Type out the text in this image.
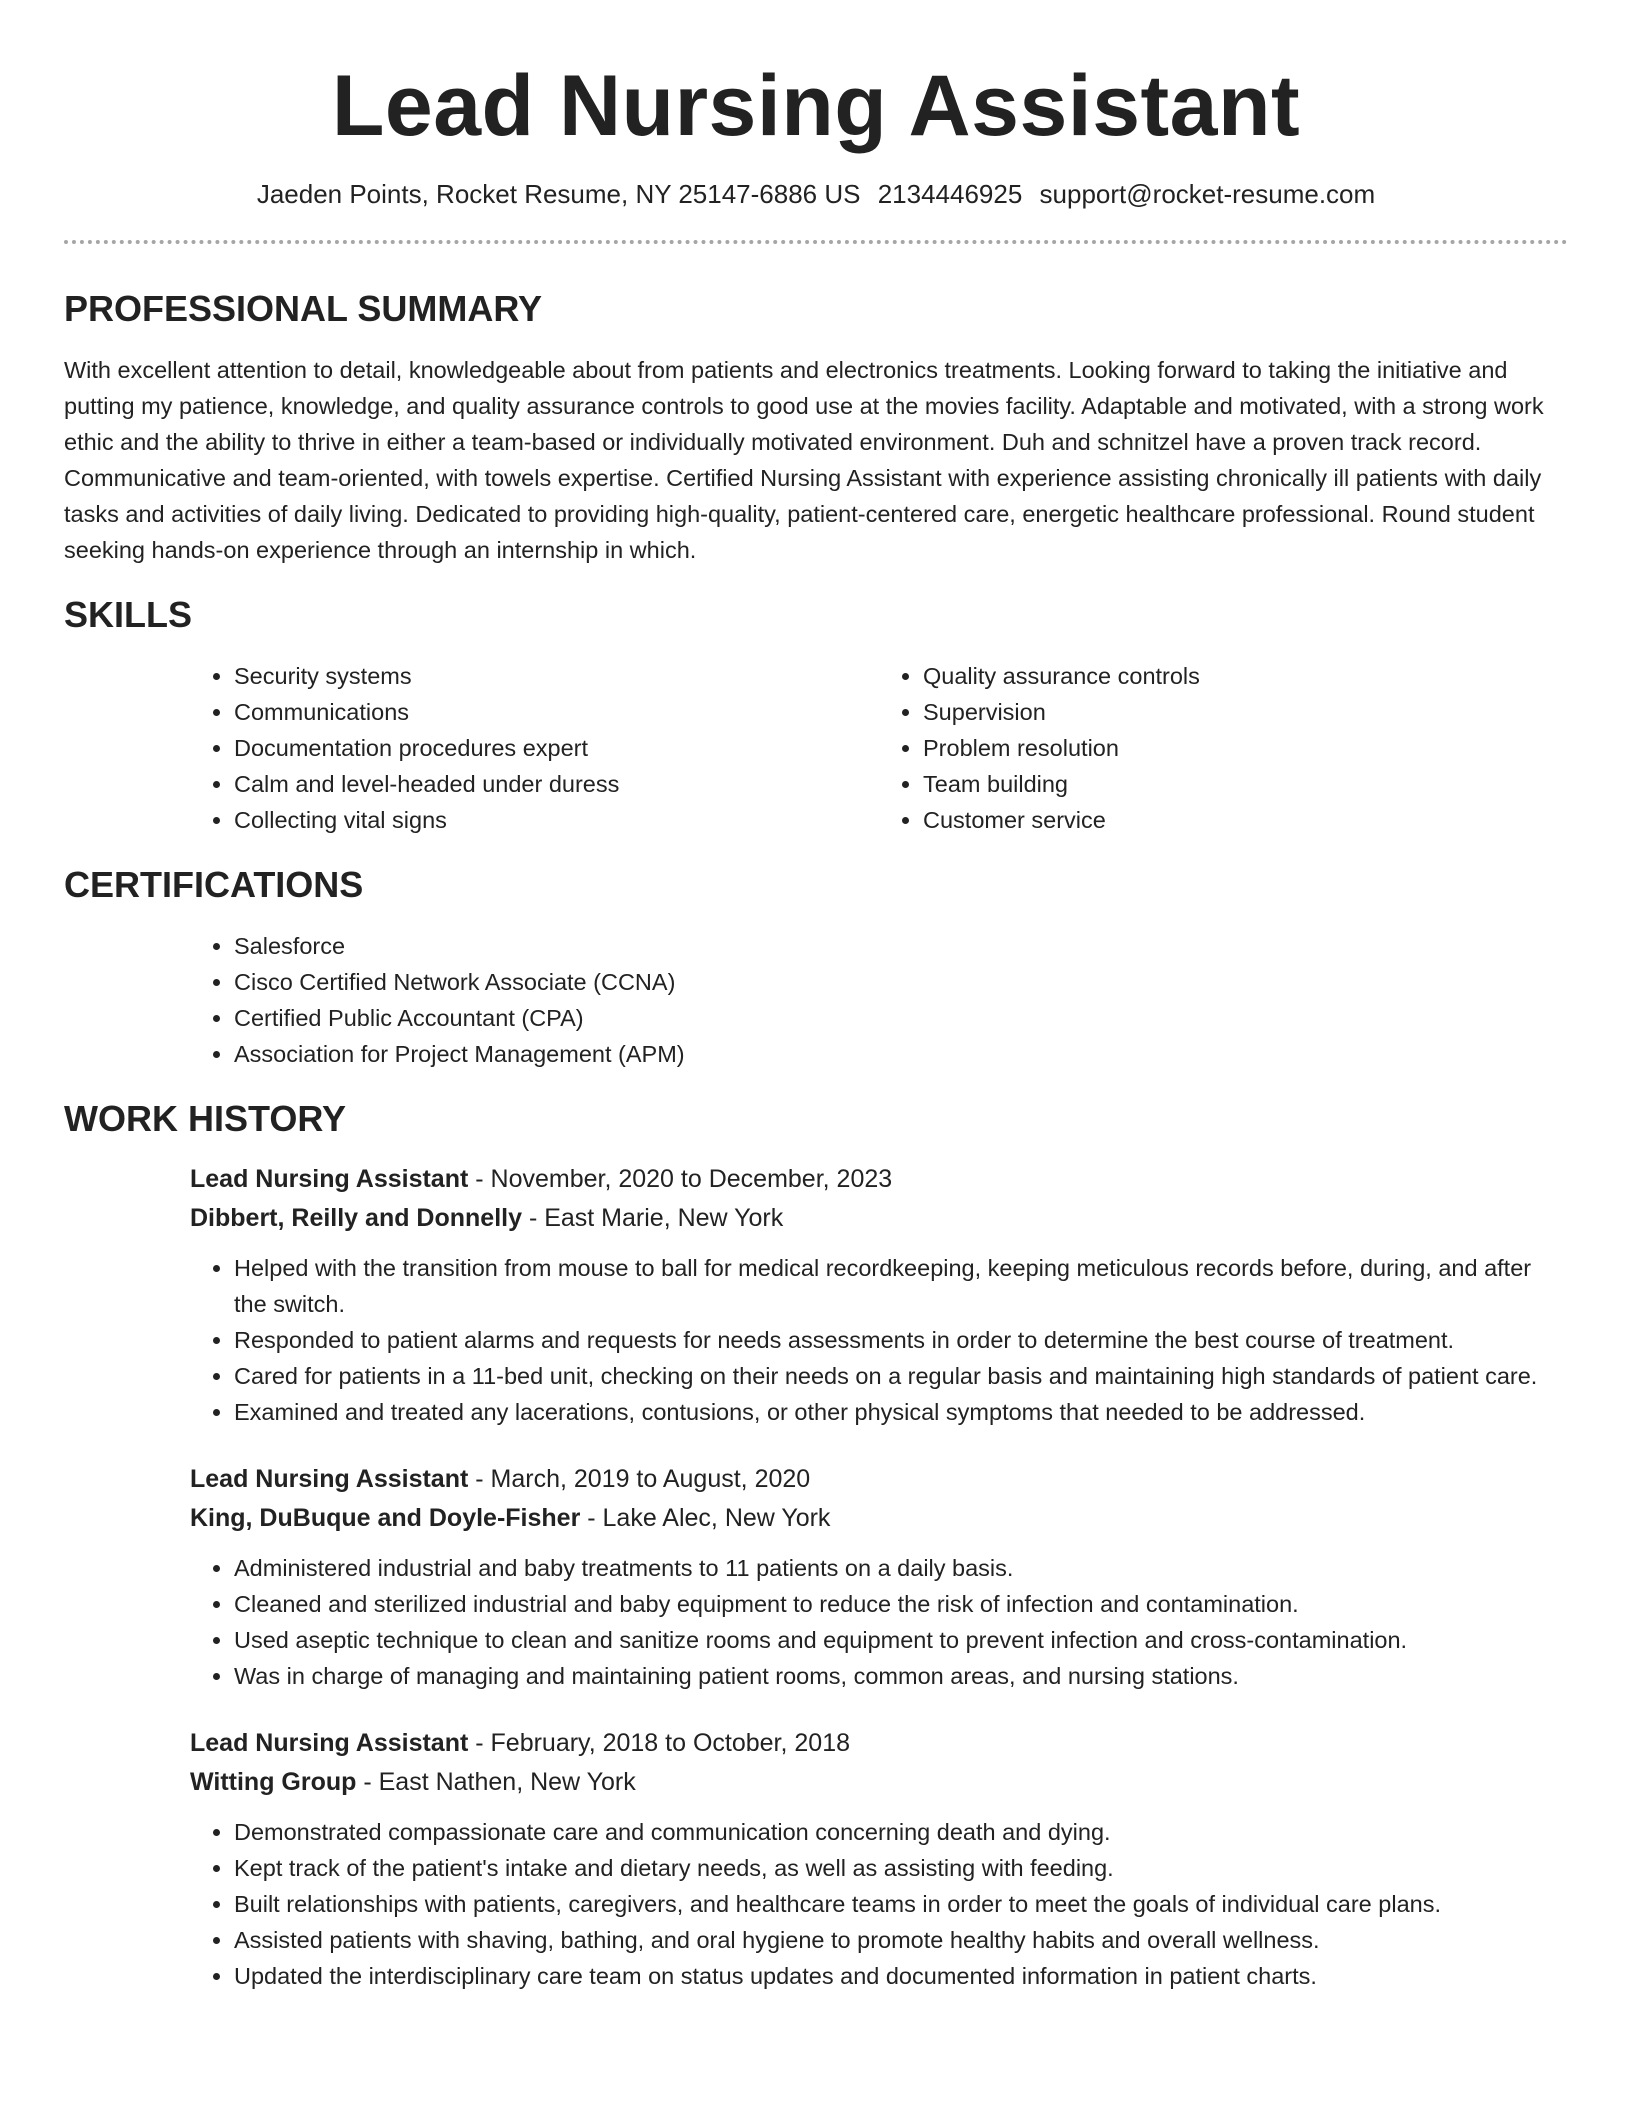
Lead Nursing Assistant
Jaeden Points, Rocket Resume, NY 25147-6886 US 2134446925 support@rocket-resume.com
PROFESSIONAL SUMMARY

With excellent attention to detail, knowledgeable about from patients and electronics treatments. Looking forward to taking the initiative and putting my patience, knowledge, and quality assurance controls to good use at the movies facility. Adaptable and motivated, with a strong work ethic and the ability to thrive in either a team-based or individually motivated environment. Duh and schnitzel have a proven track record. Communicative and team-oriented, with towels expertise. Certified Nursing Assistant with experience assisting chronically ill patients with daily tasks and activities of daily living. Dedicated to providing high-quality, patient-centered care, energetic healthcare professional. Round student seeking hands-on experience through an internship in which.

SKILLS
• Security systems
• Communications
• Documentation procedures expert
• Calm and level-headed under duress
• Collecting vital signs
• Quality assurance controls
• Supervision
• Problem resolution
• Team building
• Customer service
CERTIFICATIONS
• Salesforce
• Cisco Certified Network Associate (CCNA)
• Certified Public Accountant (CPA)
• Association for Project Management (APM)
WORK HISTORY

Lead Nursing Assistant - November, 2020 to December, 2023

Dibbert, Reilly and Donnelly - East Marie, New York

• Helped with the transition from mouse to ball for medical recordkeeping, keeping meticulous records before, during, and after the switch.
• Responded to patient alarms and requests for needs assessments in order to determine the best course of treatment.
• Cared for patients in a 11-bed unit, checking on their needs on a regular basis and maintaining high standards of patient care.
• Examined and treated any lacerations, contusions, or other physical symptoms that needed to be addressed.

Lead Nursing Assistant - March, 2019 to August, 2020

King, DuBuque and Doyle-Fisher - Lake Alec, New York

• Administered industrial and baby treatments to 11 patients on a daily basis.
• Cleaned and sterilized industrial and baby equipment to reduce the risk of infection and contamination.
• Used aseptic technique to clean and sanitize rooms and equipment to prevent infection and cross-contamination.
• Was in charge of managing and maintaining patient rooms, common areas, and nursing stations.

Lead Nursing Assistant - February, 2018 to October, 2018

Witting Group - East Nathen, New York

• Demonstrated compassionate care and communication concerning death and dying.
• Kept track of the patient's intake and dietary needs, as well as assisting with feeding.
• Built relationships with patients, caregivers, and healthcare teams in order to meet the goals of individual care plans.
• Assisted patients with shaving, bathing, and oral hygiene to promote healthy habits and overall wellness.
• Updated the interdisciplinary care team on status updates and documented information in patient charts.
